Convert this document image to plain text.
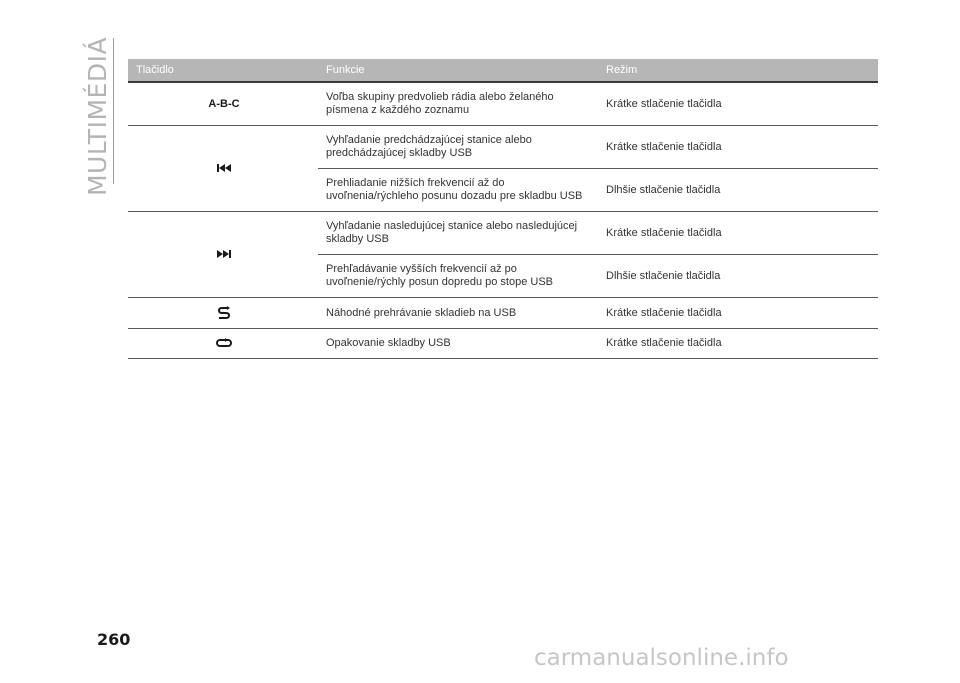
MULTIMÉDIÁ Tlačidlo	Funkcie	Režim
A-B-C	Voľba skupiny predvolieb rádia alebo želaného písmena z každého zoznamu	Krátke stlačenie tlačidla
	Vyhľadanie predchádzajúcej stanice alebo predchádzajúcej skladby USB	Krátke stlačenie tlačidla
	Prehliadanie nižších frekvencií až do uvoľnenia/rýchleho posunu dozadu pre skladbu USB	Dlhšie stlačenie tlačidla
	Vyhľadanie nasledujúcej stanice alebo nasledujúcej skladby USB	Krátke stlačenie tlačidla
	Prehľadávanie vyšších frekvencií až po uvoľnenie/rýchly posun dopredu po stope USB	Dlhšie stlačenie tlačidla
	Náhodné prehrávanie skladieb na USB	Krátke stlačenie tlačidla
	Opakovanie skladby USB	Krátke stlačenie tlačidla
260
carmanualsonline.info
